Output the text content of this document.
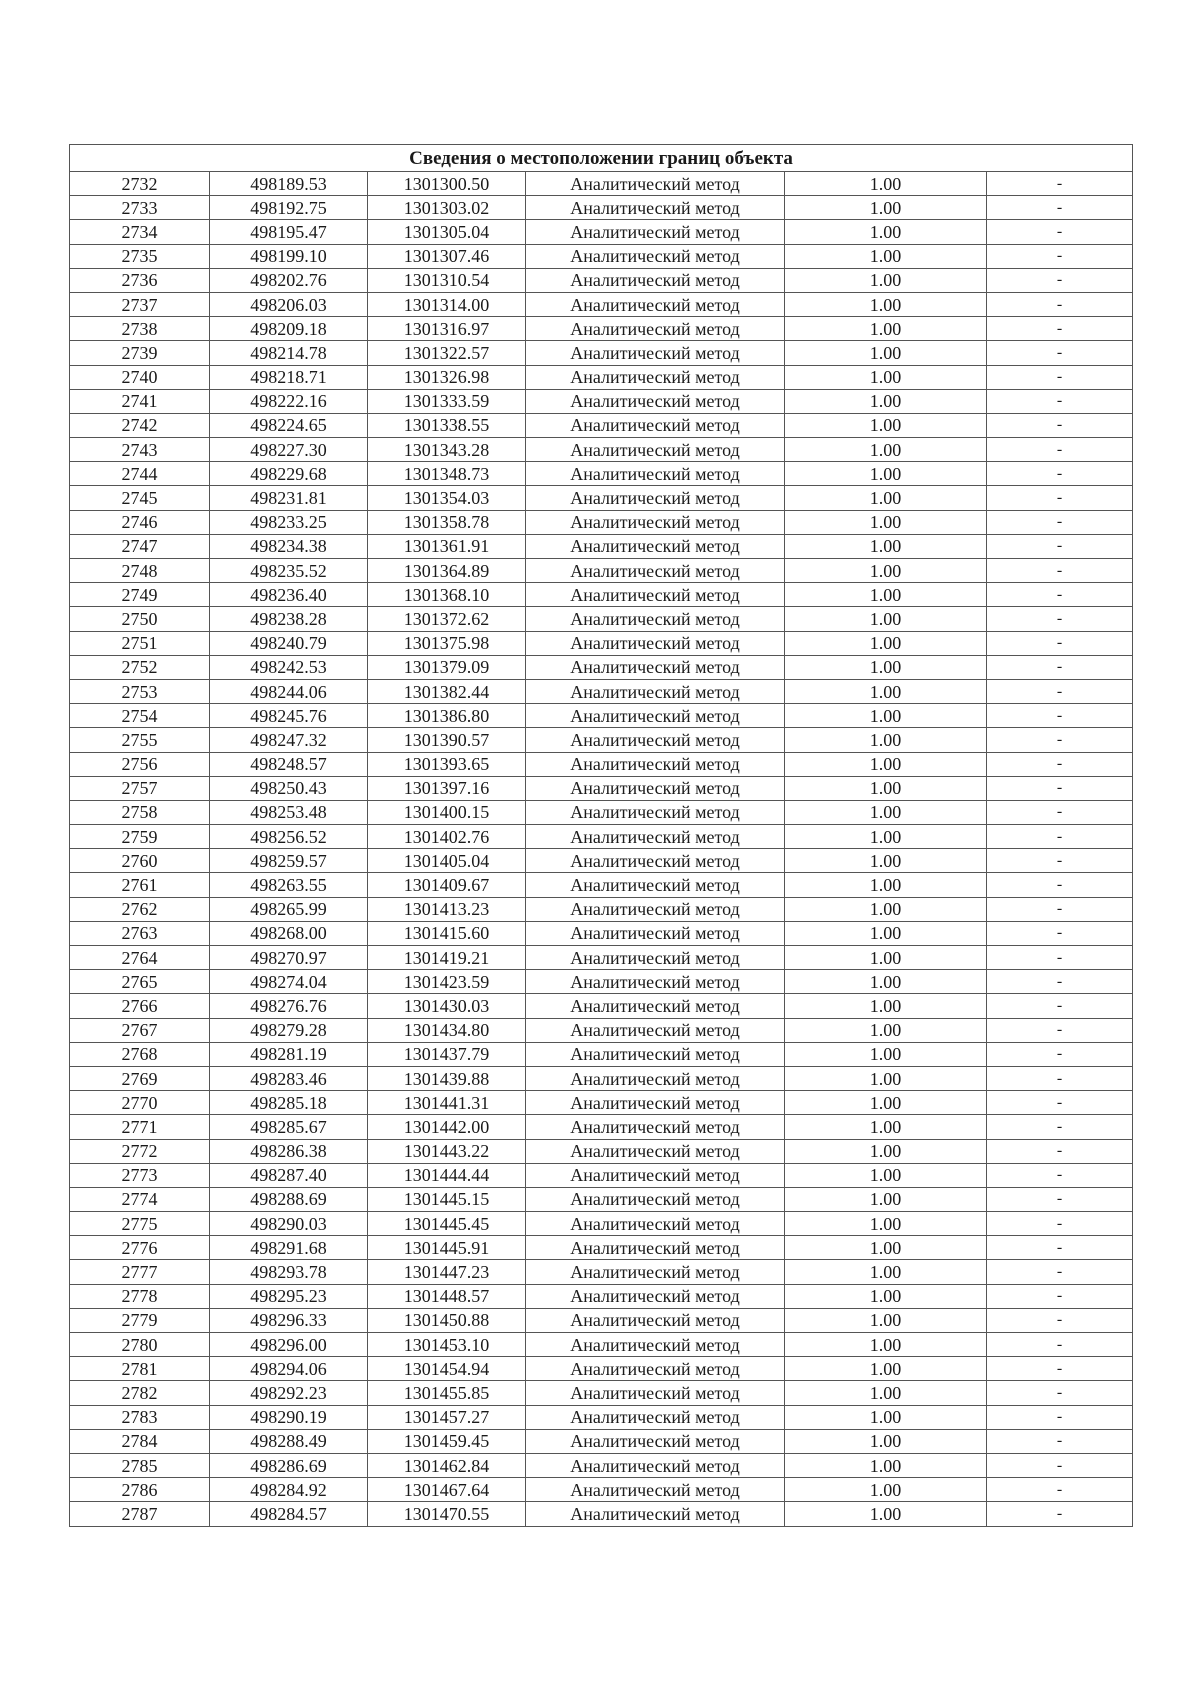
Сведения о местоположении границ объекта					
2732	498189.53	1301300.50	Аналитический метод	1.00	-
2733	498192.75	1301303.02	Аналитический метод	1.00	-
2734	498195.47	1301305.04	Аналитический метод	1.00	-
2735	498199.10	1301307.46	Аналитический метод	1.00	-
2736	498202.76	1301310.54	Аналитический метод	1.00	-
2737	498206.03	1301314.00	Аналитический метод	1.00	-
2738	498209.18	1301316.97	Аналитический метод	1.00	-
2739	498214.78	1301322.57	Аналитический метод	1.00	-
2740	498218.71	1301326.98	Аналитический метод	1.00	-
2741	498222.16	1301333.59	Аналитический метод	1.00	-
2742	498224.65	1301338.55	Аналитический метод	1.00	-
2743	498227.30	1301343.28	Аналитический метод	1.00	-
2744	498229.68	1301348.73	Аналитический метод	1.00	-
2745	498231.81	1301354.03	Аналитический метод	1.00	-
2746	498233.25	1301358.78	Аналитический метод	1.00	-
2747	498234.38	1301361.91	Аналитический метод	1.00	-
2748	498235.52	1301364.89	Аналитический метод	1.00	-
2749	498236.40	1301368.10	Аналитический метод	1.00	-
2750	498238.28	1301372.62	Аналитический метод	1.00	-
2751	498240.79	1301375.98	Аналитический метод	1.00	-
2752	498242.53	1301379.09	Аналитический метод	1.00	-
2753	498244.06	1301382.44	Аналитический метод	1.00	-
2754	498245.76	1301386.80	Аналитический метод	1.00	-
2755	498247.32	1301390.57	Аналитический метод	1.00	-
2756	498248.57	1301393.65	Аналитический метод	1.00	-
2757	498250.43	1301397.16	Аналитический метод	1.00	-
2758	498253.48	1301400.15	Аналитический метод	1.00	-
2759	498256.52	1301402.76	Аналитический метод	1.00	-
2760	498259.57	1301405.04	Аналитический метод	1.00	-
2761	498263.55	1301409.67	Аналитический метод	1.00	-
2762	498265.99	1301413.23	Аналитический метод	1.00	-
2763	498268.00	1301415.60	Аналитический метод	1.00	-
2764	498270.97	1301419.21	Аналитический метод	1.00	-
2765	498274.04	1301423.59	Аналитический метод	1.00	-
2766	498276.76	1301430.03	Аналитический метод	1.00	-
2767	498279.28	1301434.80	Аналитический метод	1.00	-
2768	498281.19	1301437.79	Аналитический метод	1.00	-
2769	498283.46	1301439.88	Аналитический метод	1.00	-
2770	498285.18	1301441.31	Аналитический метод	1.00	-
2771	498285.67	1301442.00	Аналитический метод	1.00	-
2772	498286.38	1301443.22	Аналитический метод	1.00	-
2773	498287.40	1301444.44	Аналитический метод	1.00	-
2774	498288.69	1301445.15	Аналитический метод	1.00	-
2775	498290.03	1301445.45	Аналитический метод	1.00	-
2776	498291.68	1301445.91	Аналитический метод	1.00	-
2777	498293.78	1301447.23	Аналитический метод	1.00	-
2778	498295.23	1301448.57	Аналитический метод	1.00	-
2779	498296.33	1301450.88	Аналитический метод	1.00	-
2780	498296.00	1301453.10	Аналитический метод	1.00	-
2781	498294.06	1301454.94	Аналитический метод	1.00	-
2782	498292.23	1301455.85	Аналитический метод	1.00	-
2783	498290.19	1301457.27	Аналитический метод	1.00	-
2784	498288.49	1301459.45	Аналитический метод	1.00	-
2785	498286.69	1301462.84	Аналитический метод	1.00	-
2786	498284.92	1301467.64	Аналитический метод	1.00	-
2787	498284.57	1301470.55	Аналитический метод	1.00	-
